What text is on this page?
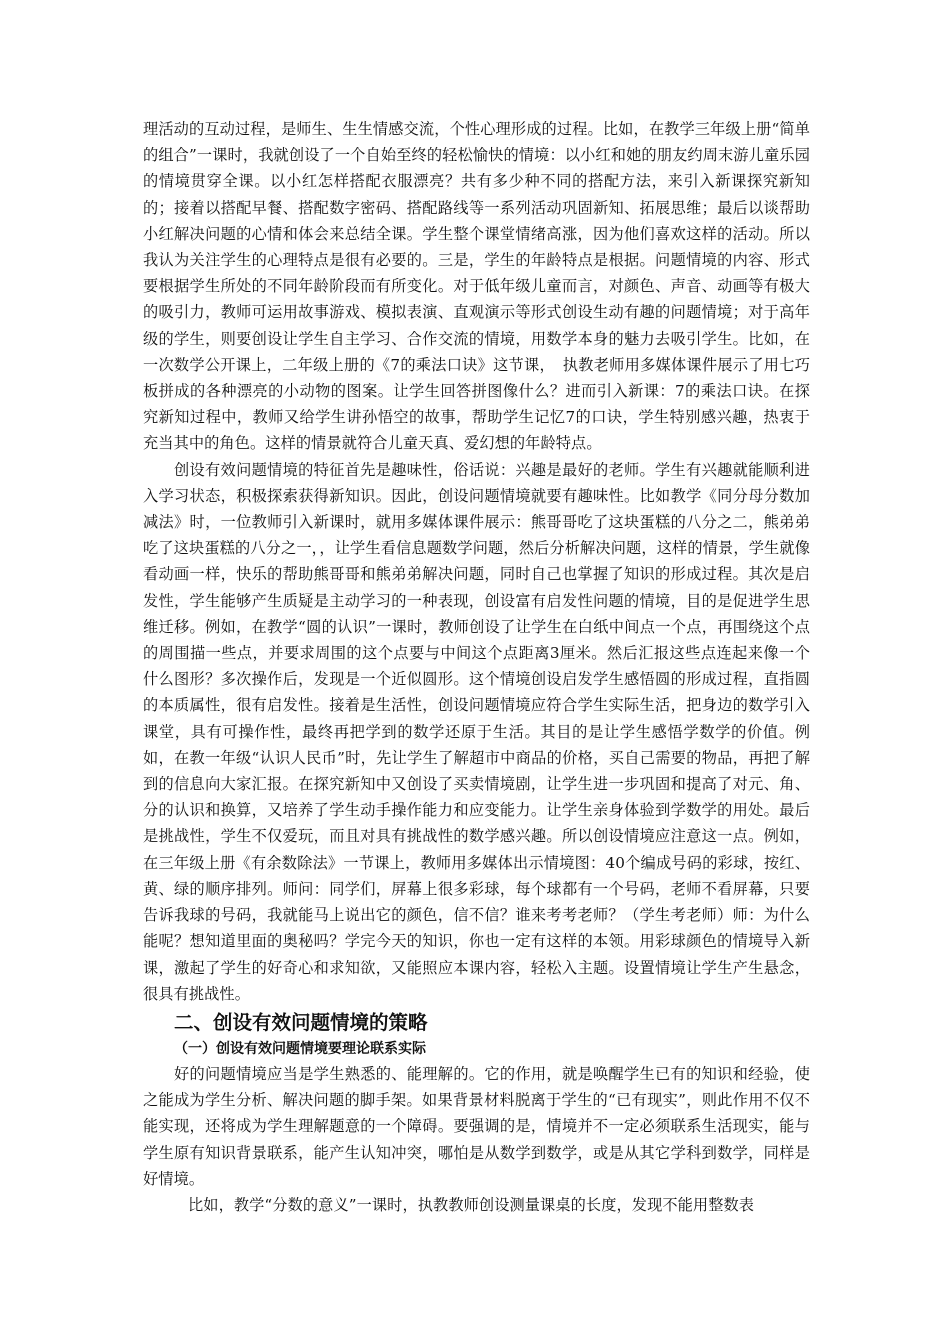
理活动的互动过程，是师生、生生情感交流，个性心理形成的过程。比如，在教学三年级上册“简单的组合”一课时，我就创设了一个自始至终的轻松愉快的情境：以小红和她的朋友约周末游儿童乐园的情境贯穿全课。以小红怎样搭配衣服漂亮？共有多少种不同的搭配方法，来引入新课探究新知的；接着以搭配早餐、搭配数字密码、搭配路线等一系列活动巩固新知、拓展思维；最后以谈帮助小红解决问题的心情和体会来总结全课。学生整个课堂情绪高涨，因为他们喜欢这样的活动。所以我认为关注学生的心理特点是很有必要的。三是，学生的年龄特点是根据。问题情境的内容、形式要根据学生所处的不同年龄阶段而有所变化。对于低年级儿童而言，对颜色、声音、动画等有极大的吸引力，教师可运用故事游戏、模拟表演、直观演示等形式创设生动有趣的问题情境；对于高年级的学生，则要创设让学生自主学习、合作交流的情境，用数学本身的魅力去吸引学生。比如，在一次数学公开课上，二年级上册的《7的乘法口诀》这节课，　执教老师用多媒体课件展示了用七巧板拼成的各种漂亮的小动物的图案。让学生回答拼图像什么？进而引入新课：7的乘法口诀。在探究新知过程中，教师又给学生讲孙悟空的故事，帮助学生记忆7的口诀，学生特别感兴趣，热衷于充当其中的角色。这样的情景就符合儿童天真、爱幻想的年龄特点。

创设有效问题情境的特征首先是趣味性，俗话说：兴趣是最好的老师。学生有兴趣就能顺利进入学习状态，积极探索获得新知识。因此，创设问题情境就要有趣味性。比如教学《同分母分数加减法》时，一位教师引入新课时，就用多媒体课件展示：熊哥哥吃了这块蛋糕的八分之二，熊弟弟吃了这块蛋糕的八分之一，，让学生看信息题数学问题，然后分析解决问题，这样的情景，学生就像看动画一样，快乐的帮助熊哥哥和熊弟弟解决问题，同时自己也掌握了知识的形成过程。其次是启发性，学生能够产生质疑是主动学习的一种表现，创设富有启发性问题的情境，目的是促进学生思维迁移。例如，在教学“圆的认识”一课时，教师创设了让学生在白纸中间点一个点，再围绕这个点的周围描一些点，并要求周围的这个点要与中间这个点距离3厘米。然后汇报这些点连起来像一个什么图形？多次操作后，发现是一个近似圆形。这个情境创设启发学生感悟圆的形成过程，直指圆的本质属性，很有启发性。接着是生活性，创设问题情境应符合学生实际生活，把身边的数学引入课堂，具有可操作性，最终再把学到的数学还原于生活。其目的是让学生感悟学数学的价值。例如，在教一年级“认识人民币”时，先让学生了解超市中商品的价格，买自己需要的物品，再把了解到的信息向大家汇报。在探究新知中又创设了买卖情境剧，让学生进一步巩固和提高了对元、角、分的认识和换算，又培养了学生动手操作能力和应变能力。让学生亲身体验到学数学的用处。最后是挑战性，学生不仅爱玩，而且对具有挑战性的数学感兴趣。所以创设情境应注意这一点。例如，在三年级上册《有余数除法》一节课上，教师用多媒体出示情境图：40个编成号码的彩球，按红、黄、绿的顺序排列。师问：同学们，屏幕上很多彩球，每个球都有一个号码，老师不看屏幕，只要告诉我球的号码，我就能马上说出它的颜色，信不信？谁来考考老师？（学生考老师）师：为什么能呢？想知道里面的奥秘吗？学完今天的知识，你也一定有这样的本领。用彩球颜色的情境导入新课，激起了学生的好奇心和求知欲，又能照应本课内容，轻松入主题。设置情境让学生产生悬念，很具有挑战性。

二、创设有效问题情境的策略
（一）创设有效问题情境要理论联系实际

好的问题情境应当是学生熟悉的、能理解的。它的作用，就是唤醒学生已有的知识和经验，使之能成为学生分析、解决问题的脚手架。如果背景材料脱离于学生的“已有现实”，则此作用不仅不能实现，还将成为学生理解题意的一个障碍。要强调的是，情境并不一定必须联系生活现实，能与学生原有知识背景联系，能产生认知冲突，哪怕是从数学到数学，或是从其它学科到数学，同样是好情境。

比如，教学“分数的意义”一课时，执教教师创设测量课桌的长度，发现不能用整数表
